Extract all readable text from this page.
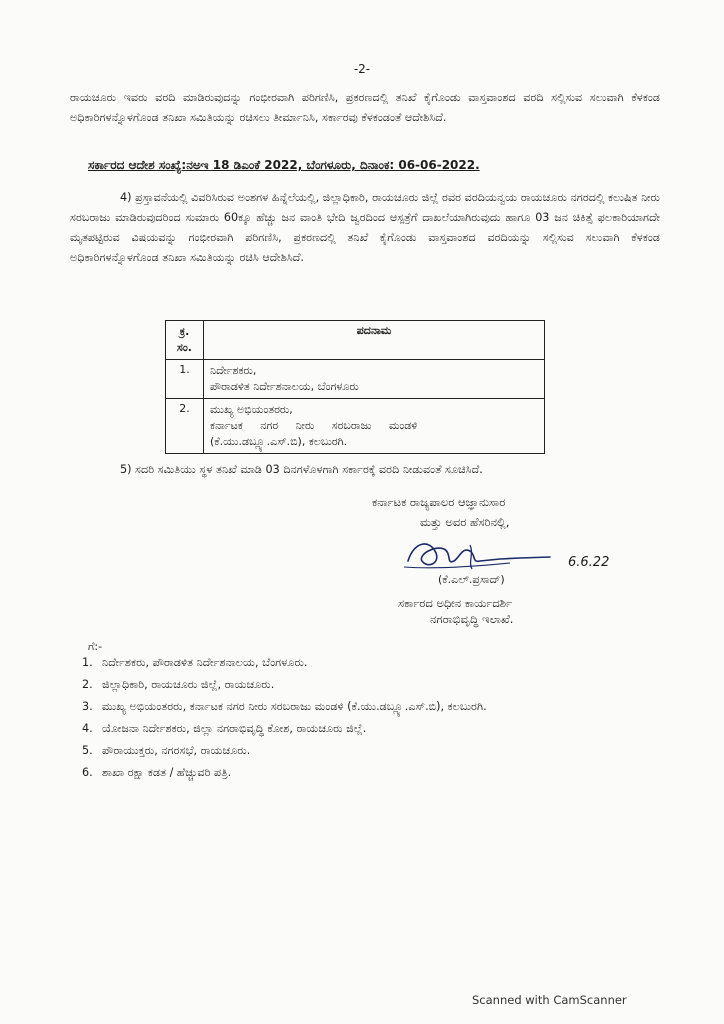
-2-
ರಾಯಚೂರು ಇವರು ವರದಿ ಮಾಡಿರುವುದನ್ನು ಗಂಭೀರವಾಗಿ ಪರಿಗಣಿಸಿ, ಪ್ರಕರಣದಲ್ಲಿ ತನಿಖೆ ಕೈಗೊಂಡು ವಾಸ್ತವಾಂಶದ ವರದಿ ಸಲ್ಲಿಸುವ ಸಲುವಾಗಿ ಕೆಳಕಂಡ ಅಧಿಕಾರಿಗಳನ್ನೊಳಗೊಂಡ ತನಿಖಾ ಸಮಿತಿಯನ್ನು ರಚಿಸಲು ತೀರ್ಮಾನಿಸಿ, ಸರ್ಕಾರವು ಕೆಳಕಂಡಂತೆ ಆದೇಶಿಸಿದೆ.
ಸರ್ಕಾರದ ಆದೇಶ ಸಂಖ್ಯೆ:ನಅಇ 18 ಡಿಎಂಕೆ 2022, ಬೆಂಗಳೂರು, ದಿನಾಂಕ: 06-06-2022.
4) ಪ್ರಸ್ತಾವನೆಯಲ್ಲಿ ವಿವರಿಸಿರುವ ಅಂಶಗಳ ಹಿನ್ನೆಲೆಯಲ್ಲಿ, ಜಿಲ್ಲಾಧಿಕಾರಿ, ರಾಯಚೂರು ಜಿಲ್ಲೆ ರವರ ವರದಿಯನ್ವಯ ರಾಯಚೂರು ನಗರದಲ್ಲಿ ಕಲುಷಿತ ನೀರು ಸರಬರಾಜು ಮಾಡಿರುವುದರಿಂದ ಸುಮಾರು 60ಕ್ಕೂ ಹೆಚ್ಚು ಜನ ವಾಂತಿ ಭೇದಿ ಜ್ವರದಿಂದ ಆಸ್ಪತ್ರೆಗೆ ದಾಖಲೆಯಾಗಿರುವುದು ಹಾಗೂ 03 ಜನ ಚಿಕಿತ್ಸೆ ಫಲಕಾರಿಯಾಗದೇ ಮೃತಪಟ್ಟಿರುವ ವಿಷಯವನ್ನು ಗಂಭೀರವಾಗಿ ಪರಿಗಣಿಸಿ, ಪ್ರಕರಣದಲ್ಲಿ ತನಿಖೆ ಕೈಗೊಂಡು ವಾಸ್ತವಾಂಶದ ವರದಿಯನ್ನು ಸಲ್ಲಿಸುವ ಸಲುವಾಗಿ ಕೆಳಕಂಡ ಅಧಿಕಾರಿಗಳನ್ನೊಳಗೊಂಡ ತನಿಖಾ ಸಮಿತಿಯನ್ನು ರಚಿಸಿ ಆದೇಶಿಸಿದೆ.
ಕ್ರ. ಸಂ.	ಪದನಾಮ
1.	ನಿರ್ದೇಶಕರು,
ಪೌರಾಡಳಿತ ನಿರ್ದೇಶನಾಲಯ, ಬೆಂಗಳೂರು

2.	ಮುಖ್ಯ ಅಭಿಯಂತರರು,
ಕರ್ನಾಟಕ ನಗರ ನೀರು ಸರಬರಾಜು ಮಂಡಳಿ
(ಕೆ.ಯು.ಡಬ್ಲ್ಯೂ.ಎಸ್.ಬಿ), ಕಲಬುರಗಿ.
5) ಸದರಿ ಸಮಿತಿಯು ಸ್ಥಳ ತನಿಖೆ ಮಾಡಿ 03 ದಿನಗಳೊಳಗಾಗಿ ಸರ್ಕಾರಕ್ಕೆ ವರದಿ ನೀಡುವಂತೆ ಸೂಚಿಸಿದೆ.
ಕರ್ನಾಟಕ ರಾಜ್ಯಪಾಲರ ಆಜ್ಞಾನುಸಾರ
ಮತ್ತು ಅವರ ಹೆಸರಿನಲ್ಲಿ,
6.6.22
(ಕೆ.ಎಲ್.ಪ್ರಸಾದ್)
ಸರ್ಕಾರದ ಅಧೀನ ಕಾರ್ಯದರ್ಶಿ
ನಗರಾಭಿವೃದ್ಧಿ ಇಲಾಖೆ.
ಗೆ:-
1. ನಿರ್ದೇಶಕರು, ಪೌರಾಡಳಿತ ನಿರ್ದೇಶನಾಲಯ, ಬೆಂಗಳೂರು.
2. ಜಿಲ್ಲಾಧಿಕಾರಿ, ರಾಯಚೂರು ಜಿಲ್ಲೆ, ರಾಯಚೂರು.
3. ಮುಖ್ಯ ಅಭಿಯಂತರರು, ಕರ್ನಾಟಕ ನಗರ ನೀರು ಸರಬರಾಜು ಮಂಡಳಿ (ಕೆ.ಯು.ಡಬ್ಲ್ಯೂ.ಎಸ್.ಬಿ), ಕಲಬುರಗಿ.
4. ಯೋಜನಾ ನಿರ್ದೇಶಕರು, ಜಿಲ್ಲಾ ನಗರಾಭಿವೃದ್ಧಿ ಕೋಶ, ರಾಯಚೂರು ಜಿಲ್ಲೆ.
5. ಪೌರಾಯುಕ್ತರು, ನಗರಸಭೆ, ರಾಯಚೂರು.
6. ಶಾಖಾ ರಕ್ಷಾ ಕಡತ / ಹೆಚ್ಚುವರಿ ಪತ್ರಿ.
Scanned with CamScanner
